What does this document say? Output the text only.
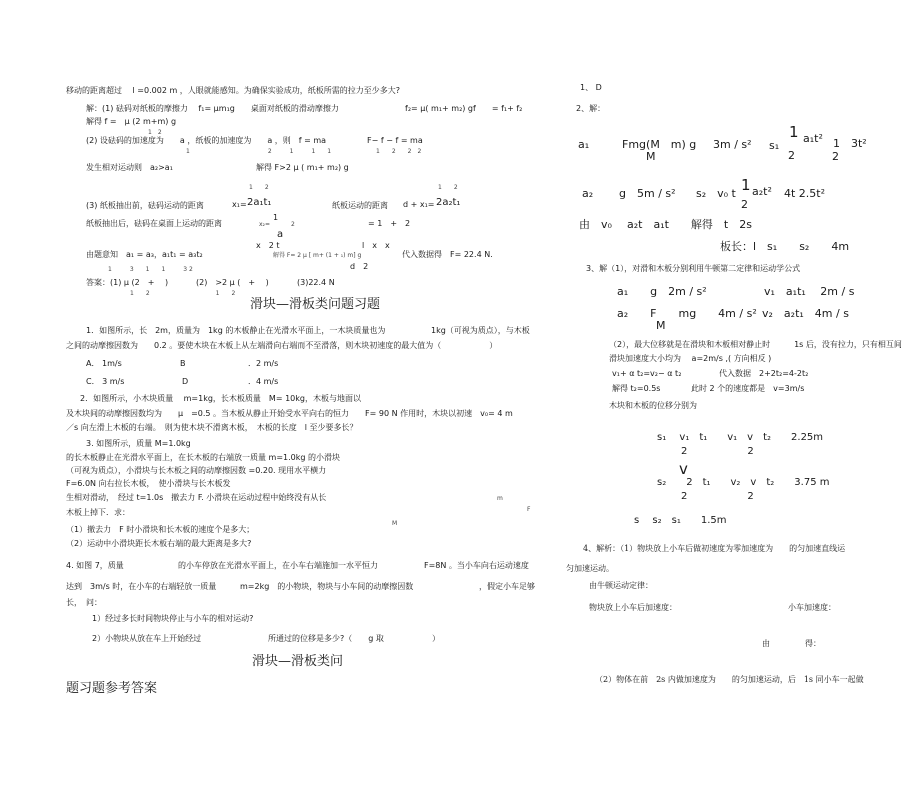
移动的距离超过　 l =0.002 m ，人眼就能感知。为确保实验成功，纸板所需的拉力至少多大?
解：(1) 砝码对纸板的摩擦力　 f₁= μm₁g　　桌面对纸板的滑动摩擦力	f₂= μ( m₁+ m₂) gf　　= f₁+ f₂
解得 f =　μ (2 m+m) g
1　2
(2) 设砝码的加速度为　　a ，纸板的加速度为　　a ，则　f = ma	F− f − f = ma
1　　　　　　　　　　　　　2　　　1　　　1　　1	1　　2　　2　2
发生相对运动则　a₂>a₁	解得 F>2 μ ( m₁+ m₂) g
1　　2	1　　2
(3) 纸板抽出前，砝码运动的距离	x₁= 2a₁t₁	纸板运动的距离 d + x₁= 2a₂t₁
纸板抽出后，砝码在桌面上运动的距离	x₂=
1
2	= 1　+　2
a
由题意知　a₁ = a₃，a₁t₁ = a₃t₂
x　2 t	l　x　x
解得 F= 2 μ [ m+ (1 + ₁) m] g	代入数据得　F= 22.4 N.
1　　　3　　1　　1　　　3 2	d　2
答案：(1) μ (2　+　 )	(2)　>2 μ (　+　 )	(3)22.4 N
1　　2　　　　　　　　　　　1　　2
滑块—滑板类问题习题
1．如图所示，长　2m，质量为　1kg 的木板静止在光滑水平面上，一木块质量也为	1kg（可视为质点），与木板
之间的动摩擦因数为　　0.2 。要使木块在木板上从左端滑向右端而不至滑落，则木块初速度的最大值为（　　　　　　）
A． 1m/s	B	．2 m/s
C． 3 m/s	D	．4 m/s
2．如图所示，小木块质量　 m=1kg，长木板质量　M= 10kg，木板与地面以
及木块间的动摩擦因数均为　　μ　=0.5 。当木板从静止开始受水平向右的恒力　　F= 90 N 作用时，木块以初速　v₀= 4 m
／s 向左滑上木板的右端。　则为使木块不滑离木板，　木板的长度　l 至少要多长？
3. 如图所示，质量 M=1.0kg
的长木板静止在光滑水平面上，在长木板的右端放一质量 m=1.0kg 的小滑块
（可视为质点），小滑块与长木板之间的动摩擦因数 =0.20. 现用水平横力
F=6.0N 向右拉长木板，　使小滑块与长木板发
生相对滑动，　经过 t=1.0s　撤去力 F. 小滑块在运动过程中始终没有从长	m
F
木板上掉下．求：
M
（1）撤去力　F 时小滑块和长木板的速度个是多大；
（2）运动中小滑块距长木板右端的最大距离是多大?
4. 如图 7，质量	的小车停放在光滑水平面上，在小车右端施加一水平恒力	F=8N 。当小车向右运动速度
达到　3m/s 时，在小车的右端轻放一质量	m=2kg　的小物块，物块与小车间的动摩擦因数	，假定小车足够
长，　问：
1）经过多长时间物块停止与小车的相对运动?
2）小物块从放在车上开始经过	所通过的位移是多少?（　　g 取	）
滑块—滑板类问
题习题参考答案
1、 D
2、解：
a₁	Fmg(M　m) g
M
3m / s² s₁
1 a₁t²
2
1　3t²
2
a₂ g　5m / s² s₂　v₀ t 1 a₂t²
2
4t 2.5t²
由　v₀ a₂t　a₁t　　解得　t　2s
板长：l　s₁　　s₂　　4m
3、解（1），对滑和木板分别利用牛顿第二定律和运动学公式
a₁　　g　2m / s²	v₁　a₁t₁　 2m / s
a₂　　F　　mg　　4m / s²
M
v₂　a₂t₁　4m / s
（2），最大位移就是在滑块和木板相对静止时　　　1s 后，没有拉力，只有相互间
滑块加速度大小均为　 a=2m/s ,( 方向相反 )
v₁+ α t₂=v₂− α t₂	代入数据　2+2t₂=4-2t₂
解得 t₂=0.5s	此时 2 个的速度都是　v=3m/s
木块和木板的位移分别为
s₁　 v₁　t₁　　v₁　v　t₂　　2.25m
2　　　　　　2
v
s₂　　2　t₁　　v₂　v　t₂　　3.75 m
2　　　　　　2
s　 s₂　s₁　　1.5m
4、解析：（1）物块放上小车后做初速度为零加速度为　　的匀加速直线运
匀加速运动。
由牛顿运动定律：
物块放上小车后加速度：	小车加速度：
由	得：
（2）物体在前　2s 内做加速度为　　的匀加速运动，后　1s 同小车一起做
